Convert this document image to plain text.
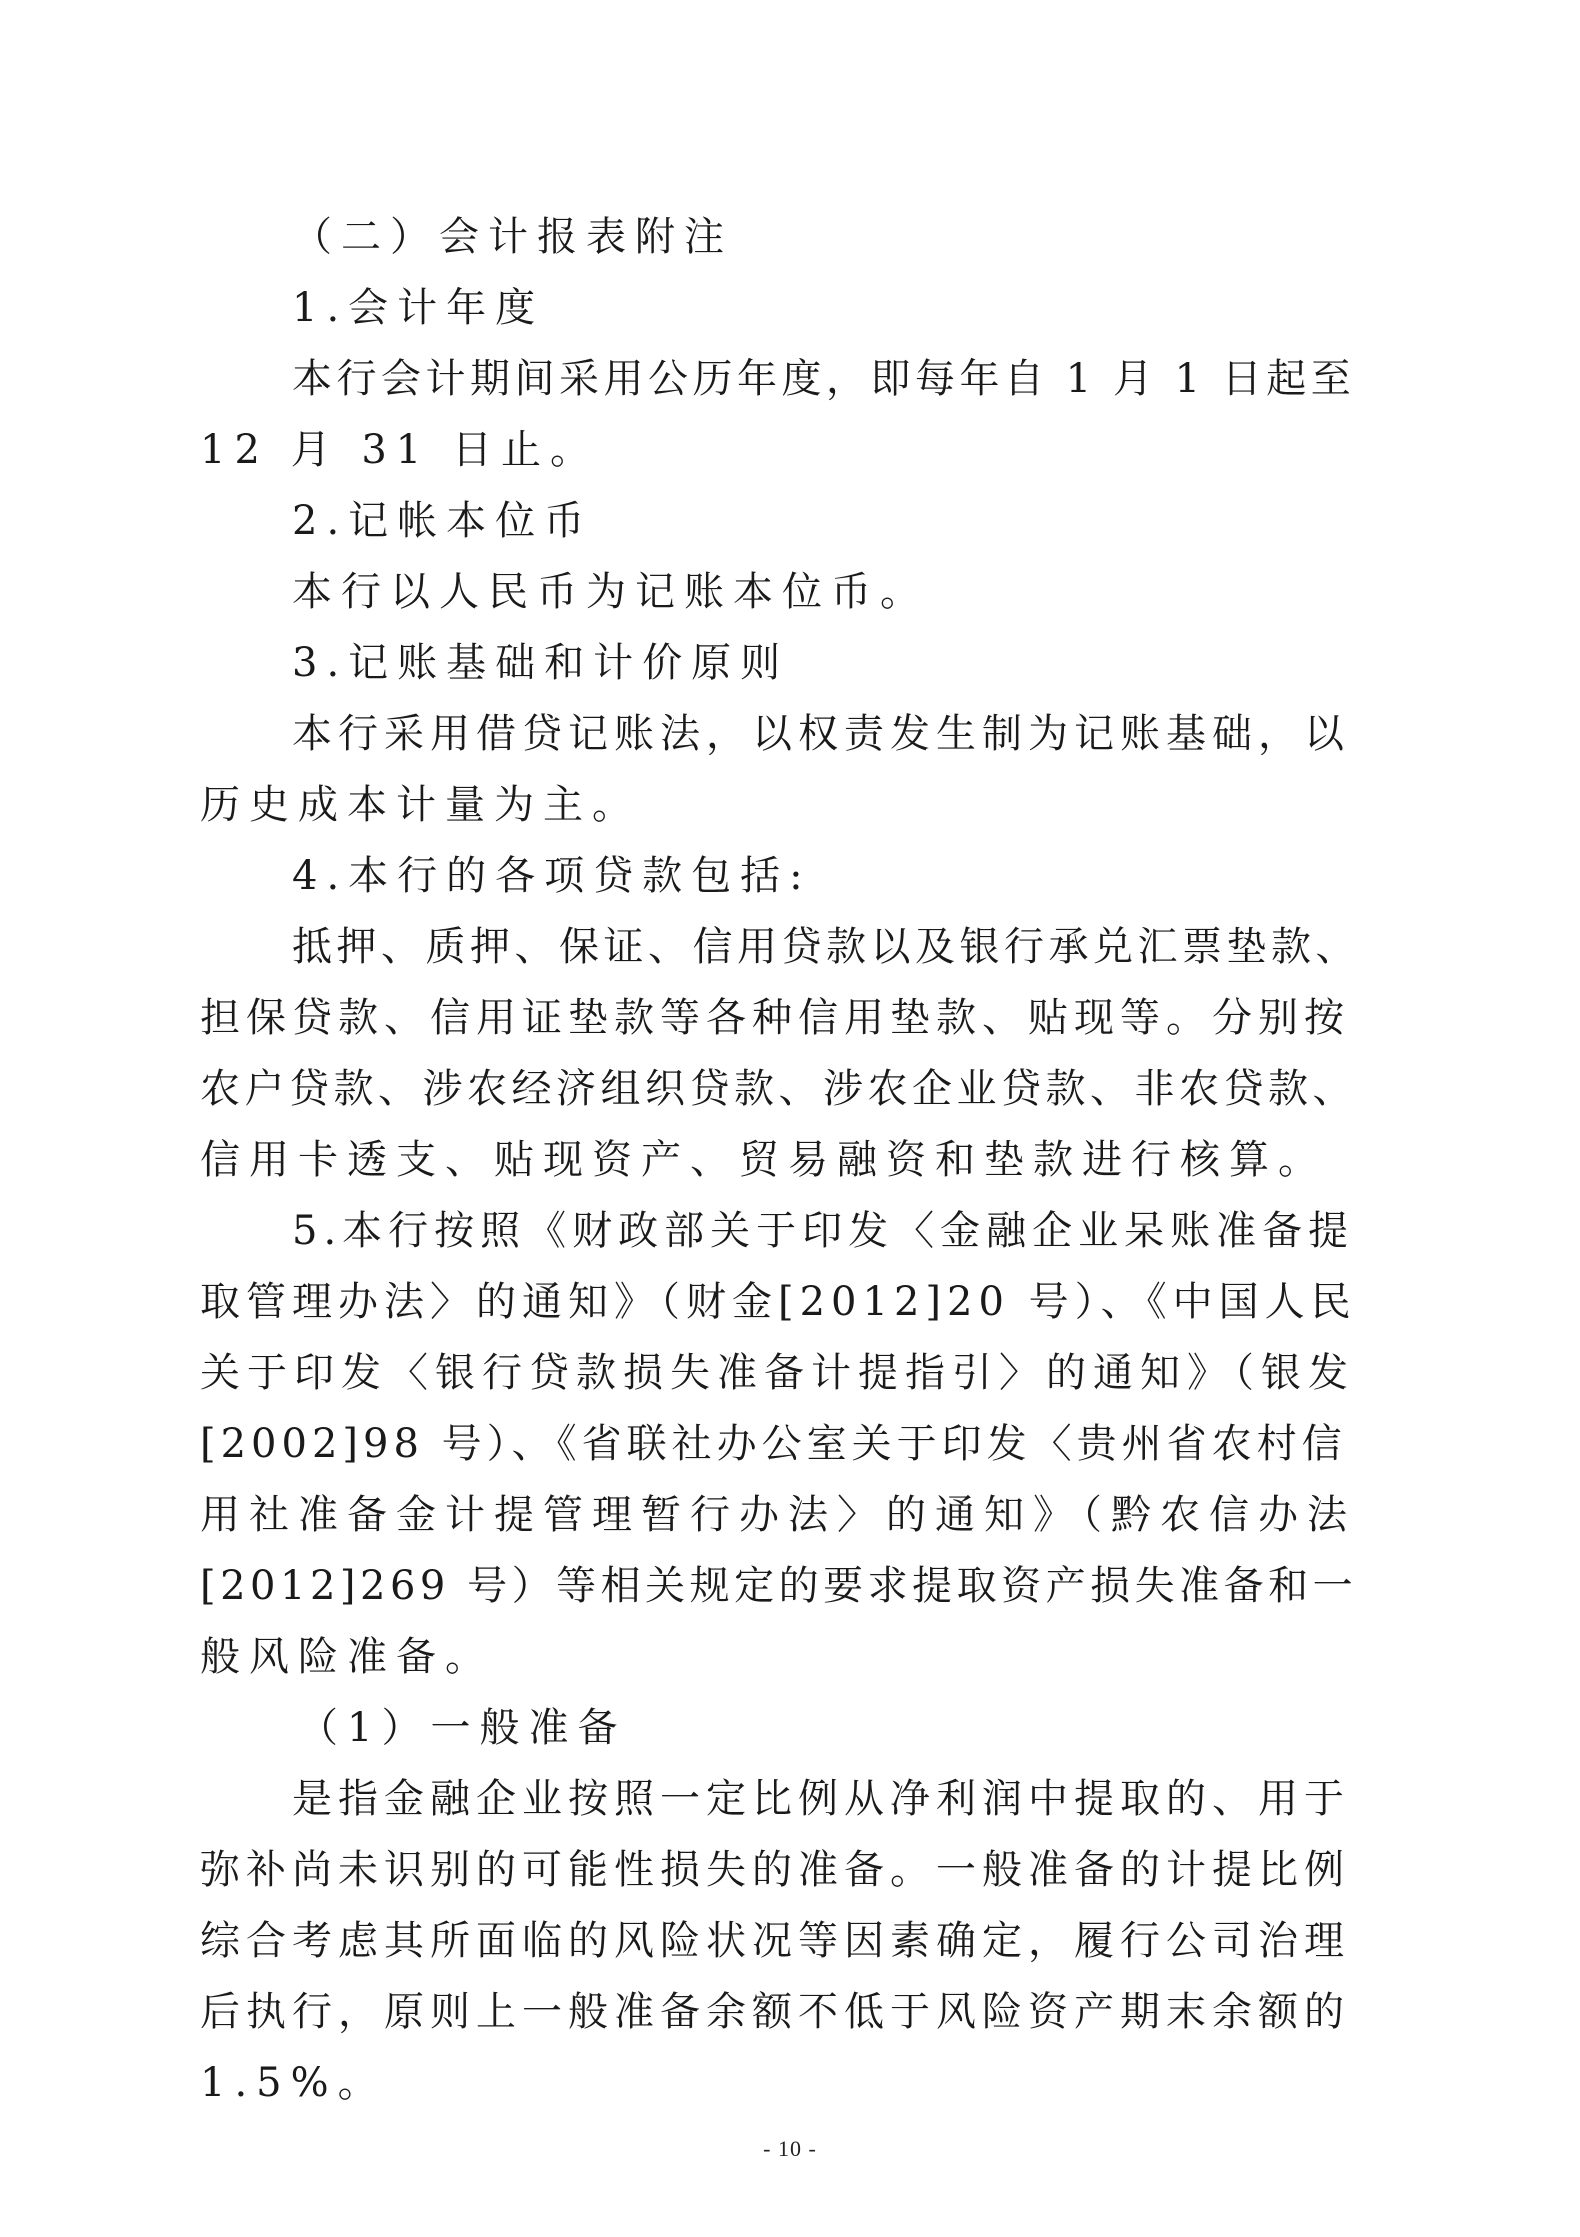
（二）会计报表附注
1.会计年度
本行会计期间采用公历年度，即每年自 1 月 1 日起至
12 月 31 日止。
2.记帐本位币
本行以人民币为记账本位币。
3.记账基础和计价原则
本行采用借贷记账法，以权责发生制为记账基础，以
历史成本计量为主。
4.本行的各项贷款包括:
抵押、质押、保证、信用贷款以及银行承兑汇票垫款、
担保贷款、信用证垫款等各种信用垫款、贴现等。分别按
农户贷款、涉农经济组织贷款、涉农企业贷款、非农贷款、
信用卡透支、贴现资产、贸易融资和垫款进行核算。
5.本行按照《财政部关于印发〈金融企业呆账准备提
取管理办法〉的通知》（财金[2012]20 号）、《中国人民
关于印发〈银行贷款损失准备计提指引〉的通知》（银发
[2002]98 号）、《省联社办公室关于印发〈贵州省农村信
用社准备金计提管理暂行办法〉的通知》（黔农信办法
[2012]269 号）等相关规定的要求提取资产损失准备和一
般风险准备。
（1）一般准备
是指金融企业按照一定比例从净利润中提取的、用于
弥补尚未识别的可能性损失的准备。一般准备的计提比例
综合考虑其所面临的风险状况等因素确定，履行公司治理
后执行，原则上一般准备余额不低于风险资产期末余额的
1.5%。
- 10 -
